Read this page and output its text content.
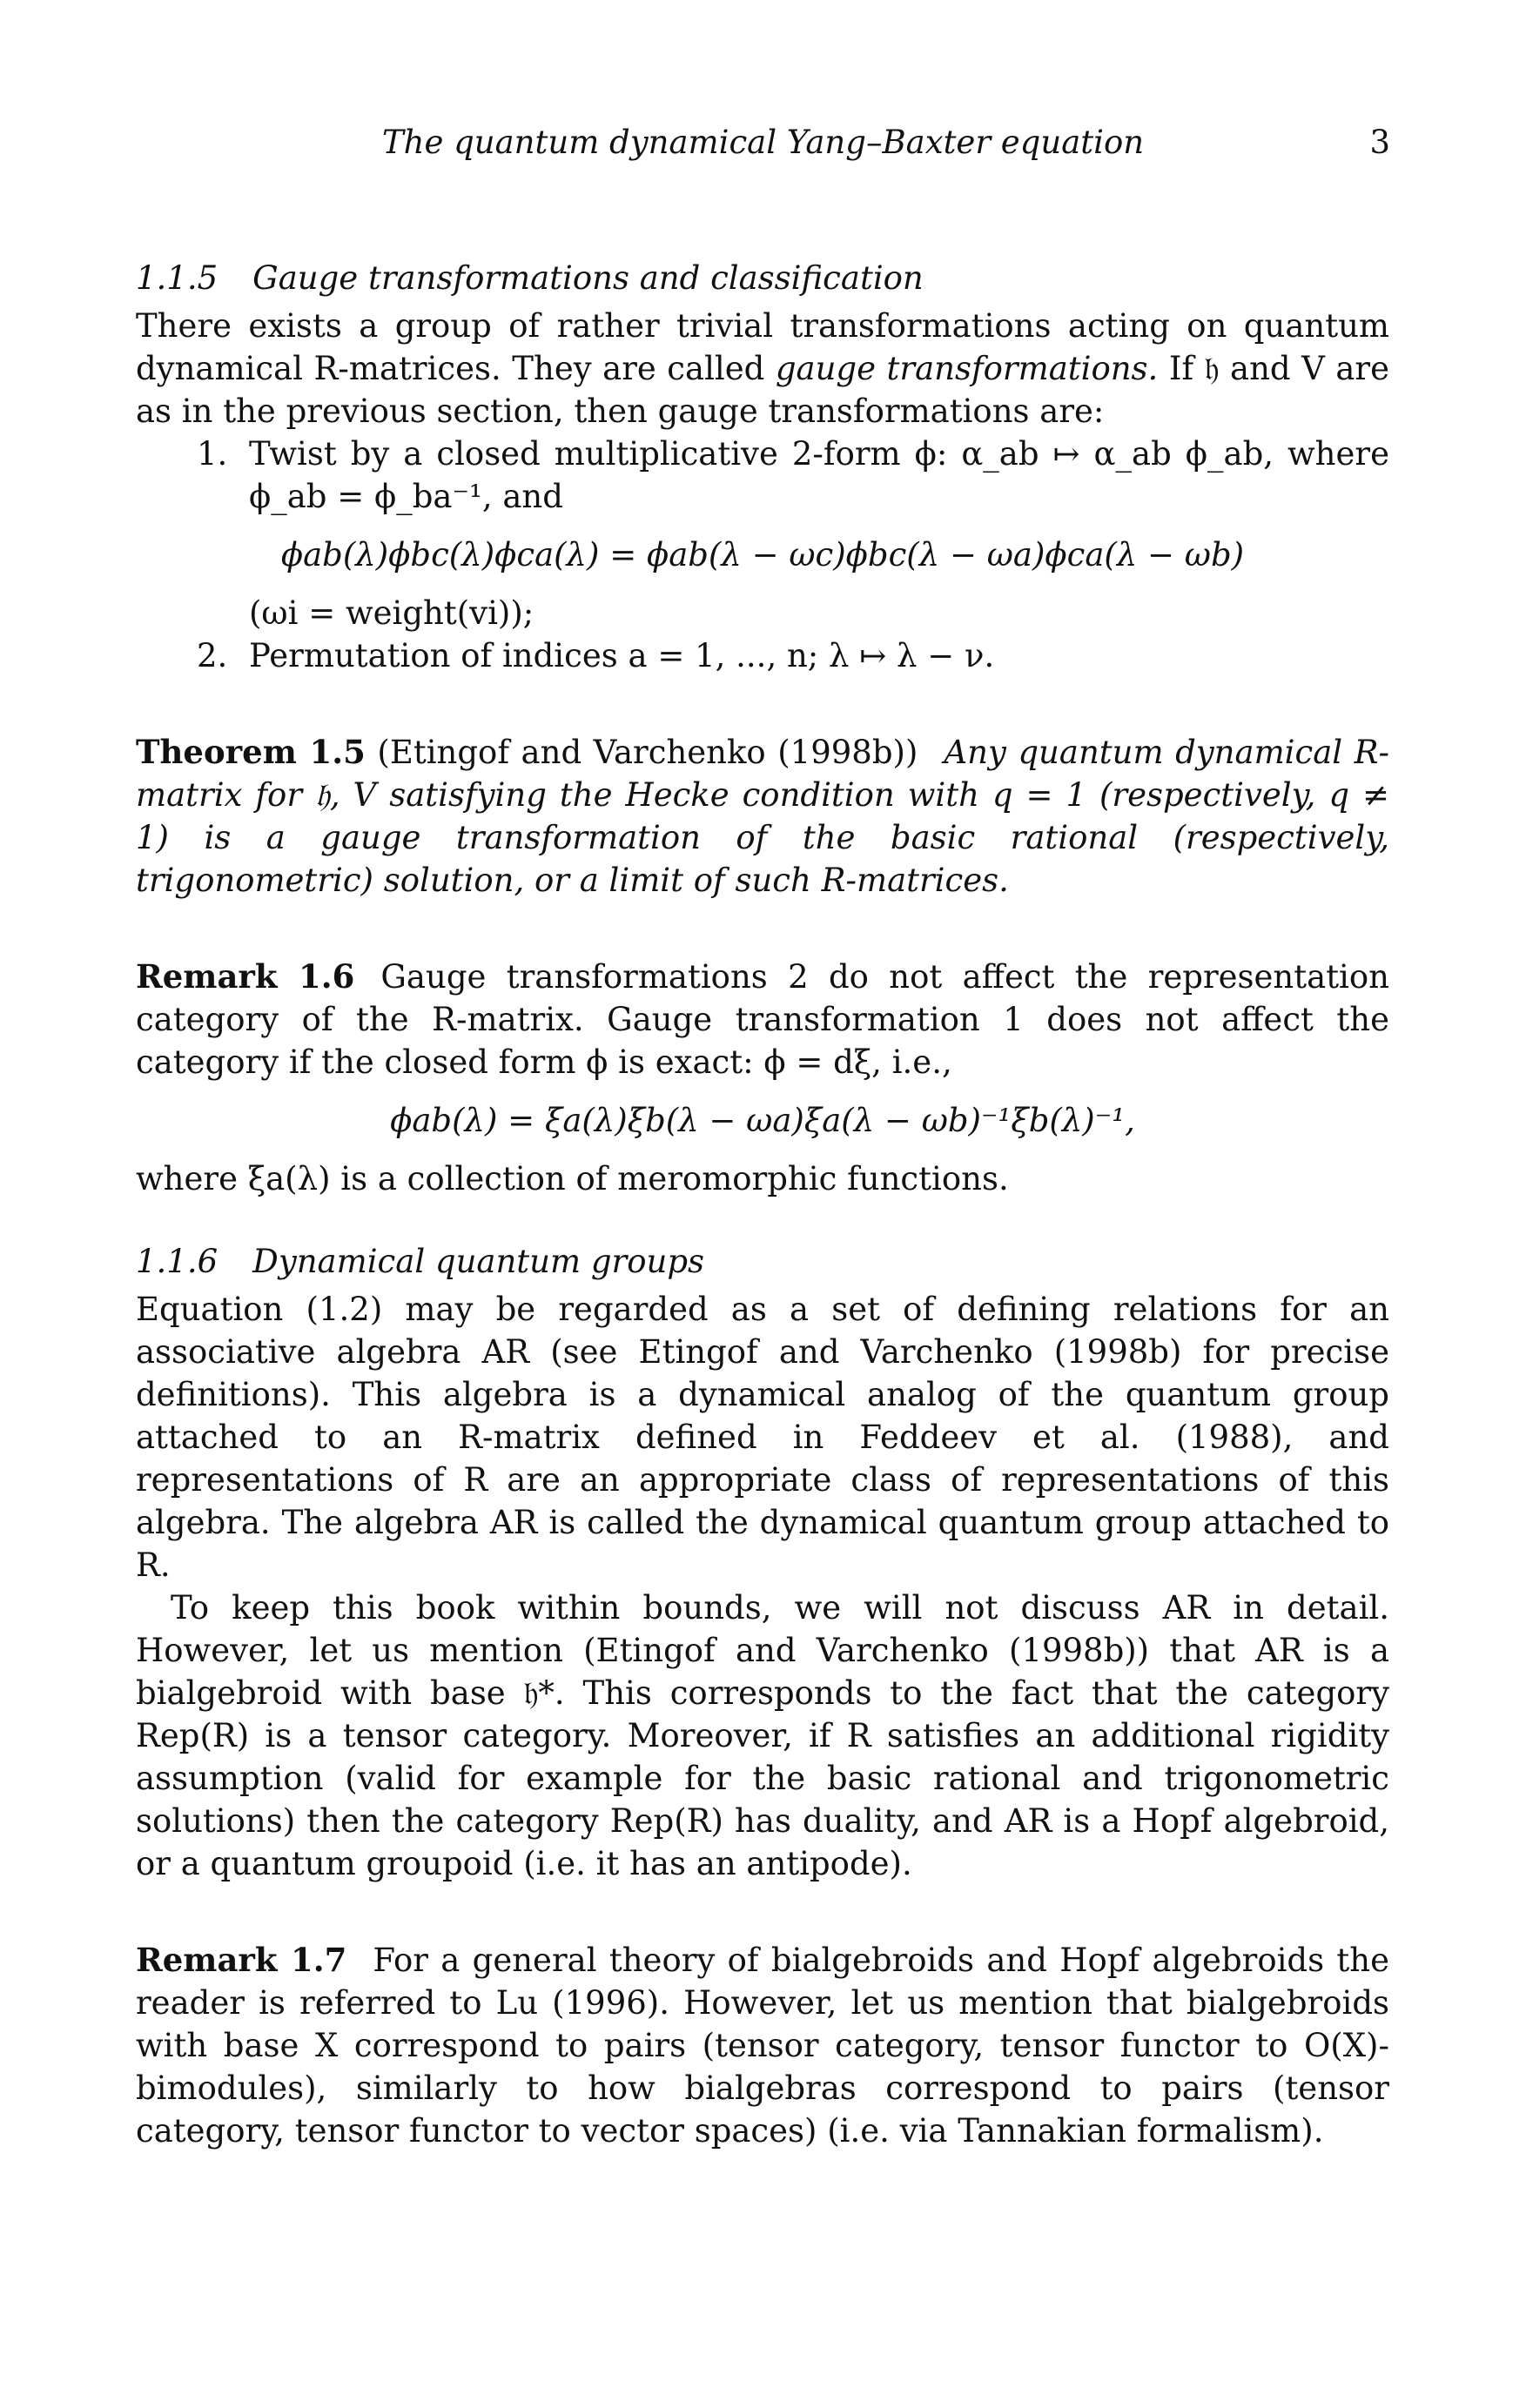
The quantum dynamical Yang–Baxter equation	3
1.1.5 Gauge transformations and classification

There exists a group of rather trivial transformations acting on quantum dynamical R-matrices. They are called gauge transformations. If 𝔥 and V are as in the previous section, then gauge transformations are:

1. Twist by a closed multiplicative 2-form ϕ: α_ab ↦ α_ab ϕ_ab, where ϕ_ab = ϕ_ba⁻¹, and
ϕab(λ)ϕbc(λ)ϕca(λ) = ϕab(λ − ωc)ϕbc(λ − ωa)ϕca(λ − ωb)
(ωi = weight(vi));
2. Permutation of indices a = 1, ..., n; λ ↦ λ − ν.

Theorem 1.5 (Etingof and Varchenko (1998b)) Any quantum dynamical R-matrix for 𝔥, V satisfying the Hecke condition with q = 1 (respectively, q ≠ 1) is a gauge transformation of the basic rational (respectively, trigonometric) solution, or a limit of such R-matrices.

Remark 1.6 Gauge transformations 2 do not affect the representation category of the R-matrix. Gauge transformation 1 does not affect the category if the closed form ϕ is exact: ϕ = dξ, i.e.,

ϕab(λ) = ξa(λ)ξb(λ − ωa)ξa(λ − ωb)⁻¹ξb(λ)⁻¹,

where ξa(λ) is a collection of meromorphic functions.

1.1.6 Dynamical quantum groups

Equation (1.2) may be regarded as a set of defining relations for an associative algebra AR (see Etingof and Varchenko (1998b) for precise definitions). This algebra is a dynamical analog of the quantum group attached to an R-matrix defined in Feddeev et al. (1988), and representations of R are an appropriate class of representations of this algebra. The algebra AR is called the dynamical quantum group attached to R.

To keep this book within bounds, we will not discuss AR in detail. However, let us mention (Etingof and Varchenko (1998b)) that AR is a bialgebroid with base 𝔥*. This corresponds to the fact that the category Rep(R) is a tensor category. Moreover, if R satisfies an additional rigidity assumption (valid for example for the basic rational and trigonometric solutions) then the category Rep(R) has duality, and AR is a Hopf algebroid, or a quantum groupoid (i.e. it has an antipode).

Remark 1.7 For a general theory of bialgebroids and Hopf algebroids the reader is referred to Lu (1996). However, let us mention that bialgebroids with base X correspond to pairs (tensor category, tensor functor to O(X)-bimodules), similarly to how bialgebras correspond to pairs (tensor category, tensor functor to vector spaces) (i.e. via Tannakian formalism).
